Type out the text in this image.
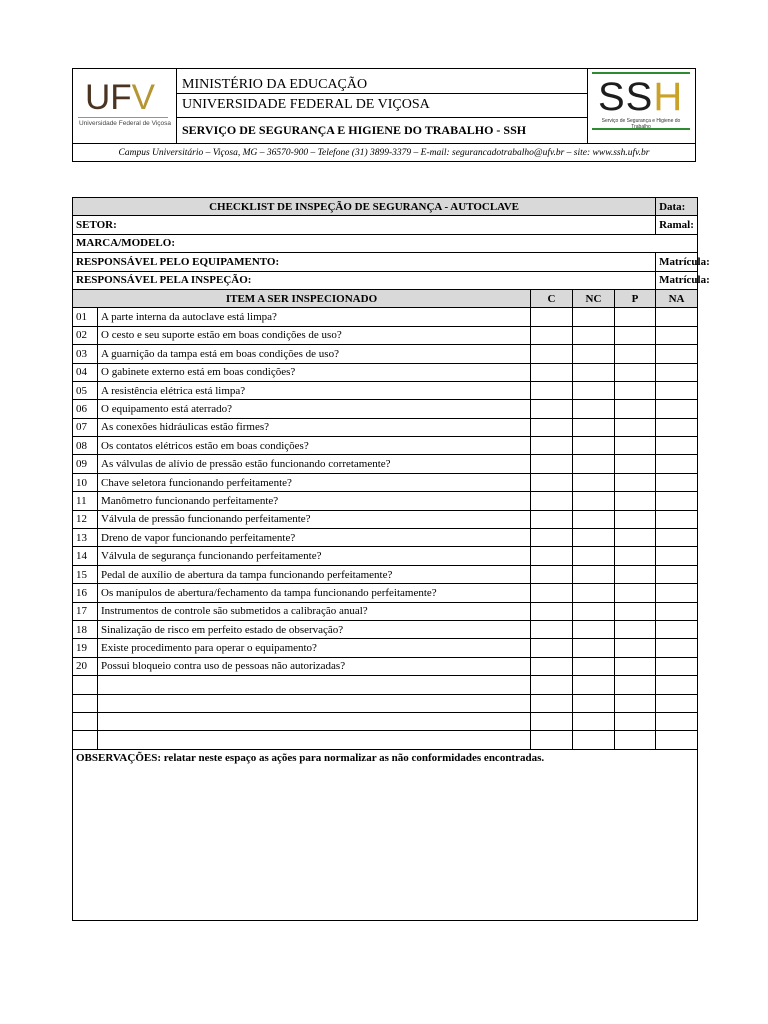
UFV
Universidade Federal de Viçosa
MINISTÉRIO DA EDUCAÇÃO
UNIVERSIDADE FEDERAL DE VIÇOSA
SERVIÇO DE SEGURANÇA E HIGIENE DO TRABALHO - SSH
SSH
Serviço de Segurança e Higiene do Trabalho
Campus Universitário – Viçosa, MG – 36570-900 – Telefone (31) 3899-3379 – E-mail: segurancadotrabalho@ufv.br – site: www.ssh.ufv.br
CHECKLIST DE INSPEÇÃO DE SEGURANÇA - AUTOCLAVE					Data:
SETOR:					Ramal:
MARCA/MODELO:					
RESPONSÁVEL PELO EQUIPAMENTO:					Matrícula:
RESPONSÁVEL PELA INSPEÇÃO:					Matrícula:
ITEM A SER INSPECIONADO		C	NC	P	NA
01	A parte interna da autoclave está limpa?				
02	O cesto e seu suporte estão em boas condições de uso?				
03	A guarnição da tampa está em boas condições de uso?				
04	O gabinete externo está em boas condições?				
05	A resistência elétrica está limpa?				
06	O equipamento está aterrado?				
07	As conexões hidráulicas estão firmes?				
08	Os contatos elétricos estão em boas condições?				
09	As válvulas de alívio de pressão estão funcionando corretamente?				
10	Chave seletora funcionando perfeitamente?				
11	Manômetro funcionando perfeitamente?				
12	Válvula de pressão funcionando perfeitamente?				
13	Dreno de vapor funcionando perfeitamente?				
14	Válvula de segurança funcionando perfeitamente?				
15	Pedal de auxílio de abertura da tampa funcionando perfeitamente?				
16	Os manípulos de abertura/fechamento da tampa funcionando perfeitamente?				
17	Instrumentos de controle são submetidos a calibração anual?				
18	Sinalização de risco em perfeito estado de observação?				
19	Existe procedimento para operar o equipamento?				
20	Possui bloqueio contra uso de pessoas não autorizadas?				

OBSERVAÇÕES: relatar neste espaço as ações para normalizar as não conformidades encontradas.					
